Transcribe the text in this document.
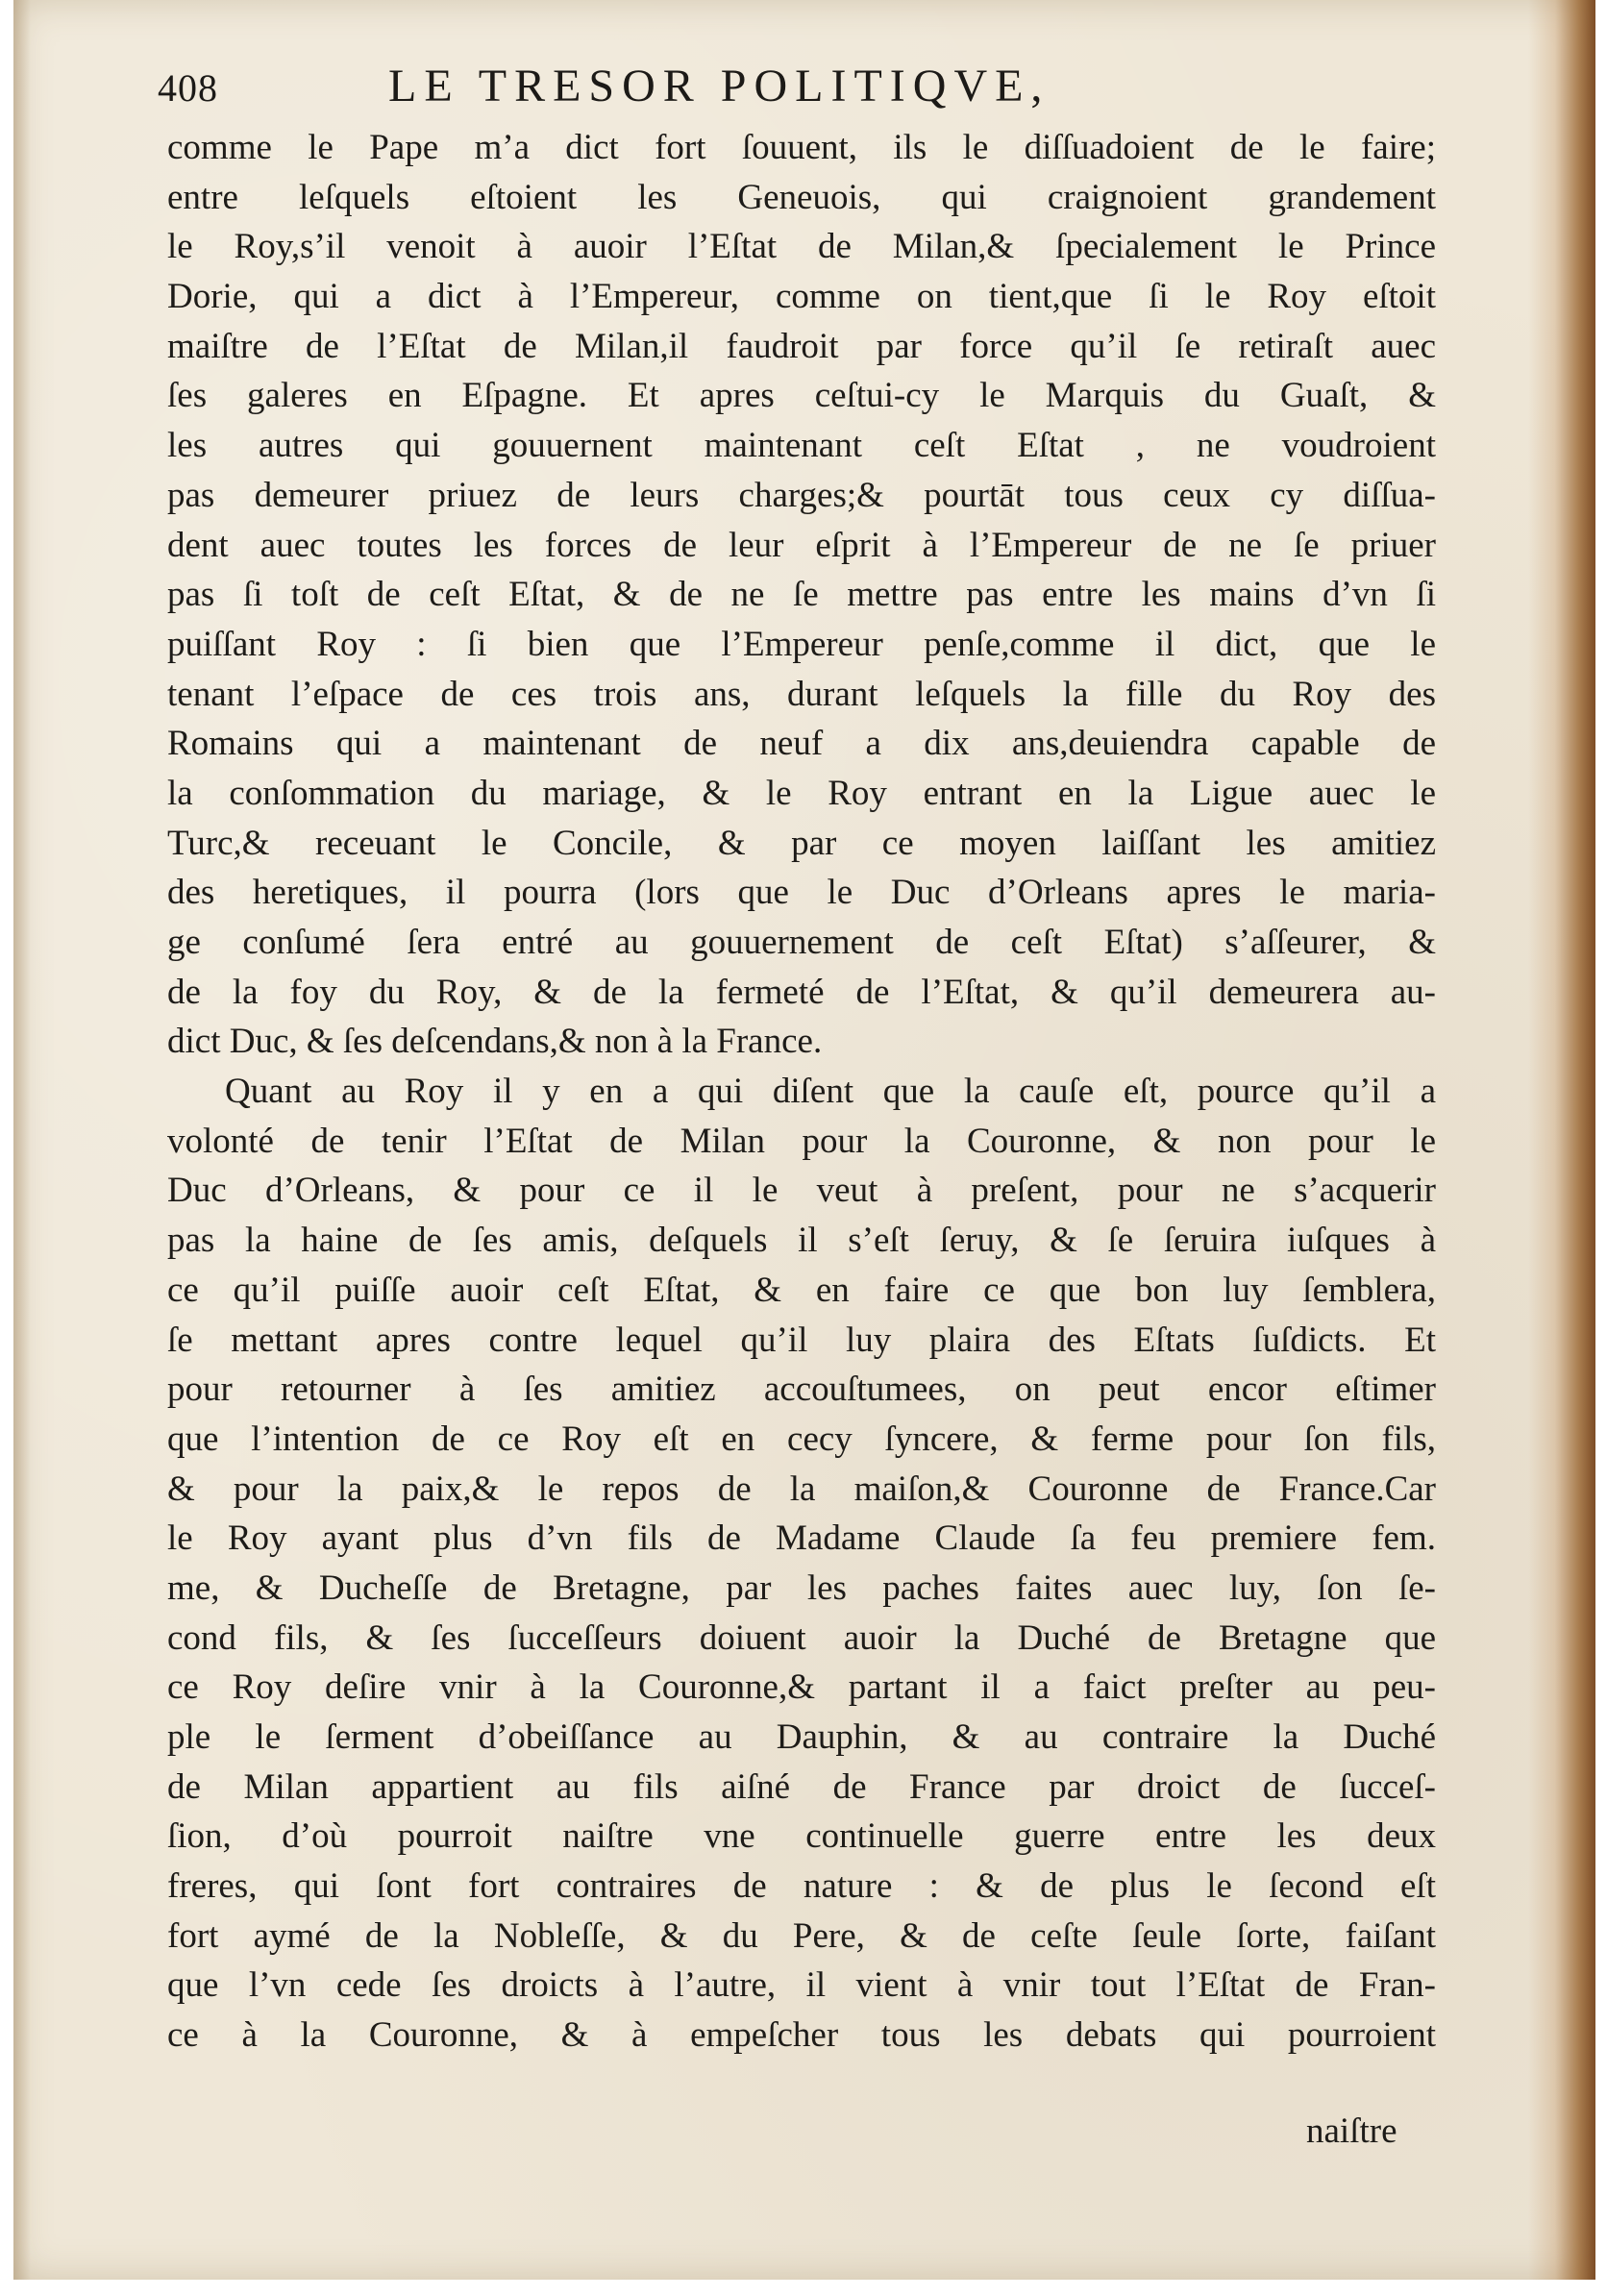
408	LE TRESOR POLITIQVE,
comme le Pape m’a dict fort ſouuent, ils le diſſuadoient de le faire;
entre leſquels eſtoient les Geneuois, qui craignoient grandement
le Roy,s’il venoit à auoir l’Eſtat de Milan,& ſpecialement le Prince
Dorie, qui a dict à l’Empereur, comme on tient,que ſi le Roy eſtoit
maiſtre de l’Eſtat de Milan,il faudroit par force qu’il ſe retiraſt auec
ſes galeres en Eſpagne. Et apres ceſtui-cy le Marquis du Guaſt, &
les autres qui gouuernent maintenant ceſt Eſtat , ne voudroient
pas demeurer priuez de leurs charges;& pourtāt tous ceux cy diſſua-
dent auec toutes les forces de leur eſprit à l’Empereur de ne ſe priuer
pas ſi toſt de ceſt Eſtat, & de ne ſe mettre pas entre les mains d’vn ſi
puiſſant Roy : ſi bien que l’Empereur penſe,comme il dict, que le
tenant l’eſpace de ces trois ans, durant leſquels la fille du Roy des
Romains qui a maintenant de neuf a dix ans,deuiendra capable de
la conſommation du mariage, & le Roy entrant en la Ligue auec le
Turc,& receuant le Concile, & par ce moyen laiſſant les amitiez
des heretiques, il pourra (lors que le Duc d’Orleans apres le maria-
ge conſumé ſera entré au gouuernement de ceſt Eſtat) s’aſſeurer, &
de la foy du Roy, & de la fermeté de l’Eſtat, & qu’il demeurera au-
dict Duc, & ſes deſcendans,& non à la France.
Quant au Roy il y en a qui diſent que la cauſe eſt, pource qu’il a
volonté de tenir l’Eſtat de Milan pour la Couronne, & non pour le
Duc d’Orleans, & pour ce il le veut à preſent, pour ne s’acquerir
pas la haine de ſes amis, deſquels il s’eſt ſeruy, & ſe ſeruira iuſques à
ce qu’il puiſſe auoir ceſt Eſtat, & en faire ce que bon luy ſemblera,
ſe mettant apres contre lequel qu’il luy plaira des Eſtats ſuſdicts. Et
pour retourner à ſes amitiez accouſtumees, on peut encor eſtimer
que l’intention de ce Roy eſt en cecy ſyncere, & ferme pour ſon fils,
& pour la paix,& le repos de la maiſon,& Couronne de France.Car
le Roy ayant plus d’vn fils de Madame Claude ſa feu premiere fem.
me, & Ducheſſe de Bretagne, par les paches faites auec luy, ſon ſe-
cond fils, & ſes ſucceſſeurs doiuent auoir la Duché de Bretagne que
ce Roy deſire vnir à la Couronne,& partant il a faict preſter au peu-
ple le ſerment d’obeiſſance au Dauphin, & au contraire la Duché
de Milan appartient au fils aiſné de France par droict de ſucceſ-
ſion, d’où pourroit naiſtre vne continuelle guerre entre les deux
freres, qui ſont fort contraires de nature : & de plus le ſecond eſt
fort aymé de la Nobleſſe, & du Pere, & de ceſte ſeule ſorte, faiſant
que l’vn cede ſes droicts à l’autre, il vient à vnir tout l’Eſtat de Fran-
ce à la Couronne, & à empeſcher tous les debats qui pourroient
naiſtre
